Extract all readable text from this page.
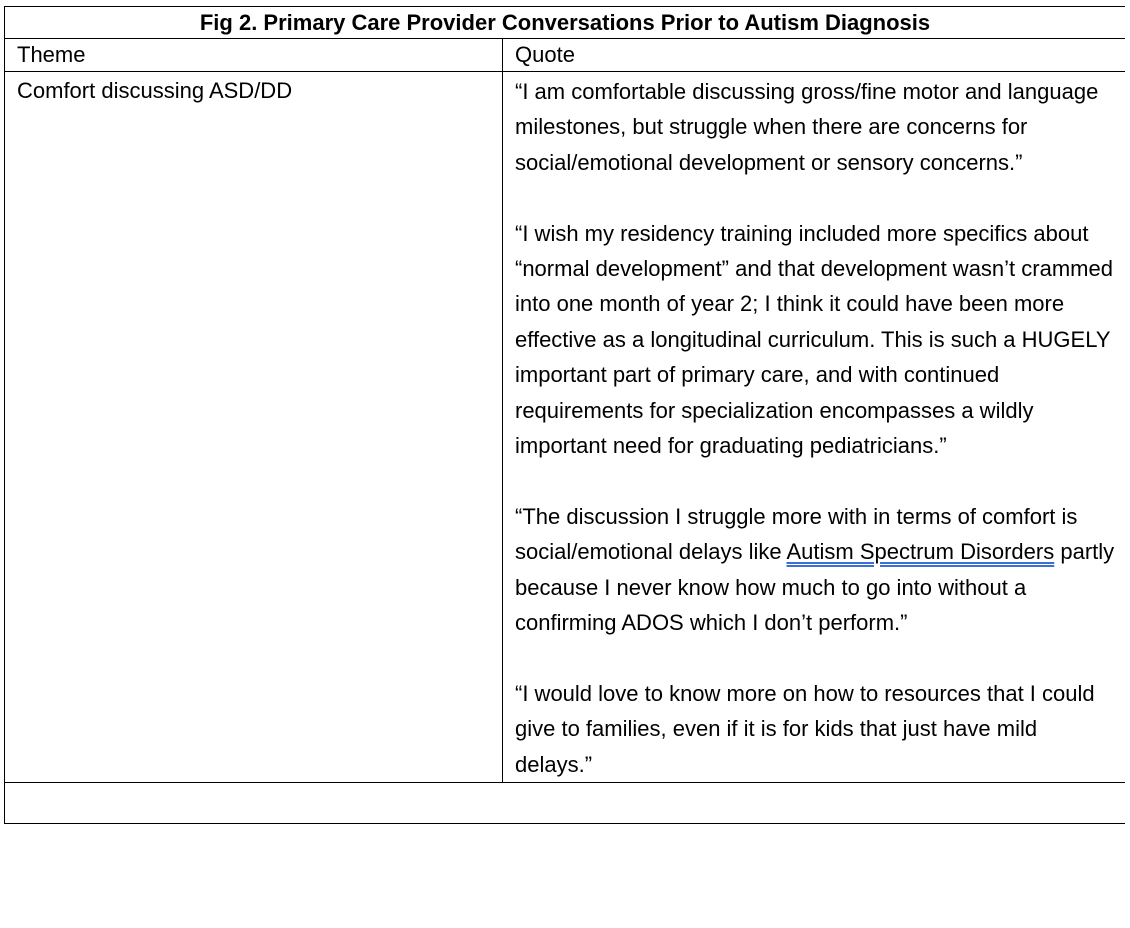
Fig 2. Primary Care Provider Conversations Prior to Autism Diagnosis	

Theme	Quote

Comfort discussing ASD/DD	“I am comfortable discussing gross/fine motor and language milestones, but struggle when there are concerns for social/emotional development or sensory concerns.”

“I wish my residency training included more specifics about “normal development” and that development wasn’t crammed into one month of year 2; I think it could have been more effective as a longitudinal curriculum. This is such a HUGELY important part of primary care, and with continued requirements for specialization encompasses a wildly important need for graduating pediatricians.”

“The discussion I struggle more with in terms of comfort is social/emotional delays like Autism Spectrum Disorders partly because I never know how much to go into without a confirming ADOS which I don’t perform.”

“I would love to know more on how to resources that I could give to families, even if it is for kids that just have mild delays.”
